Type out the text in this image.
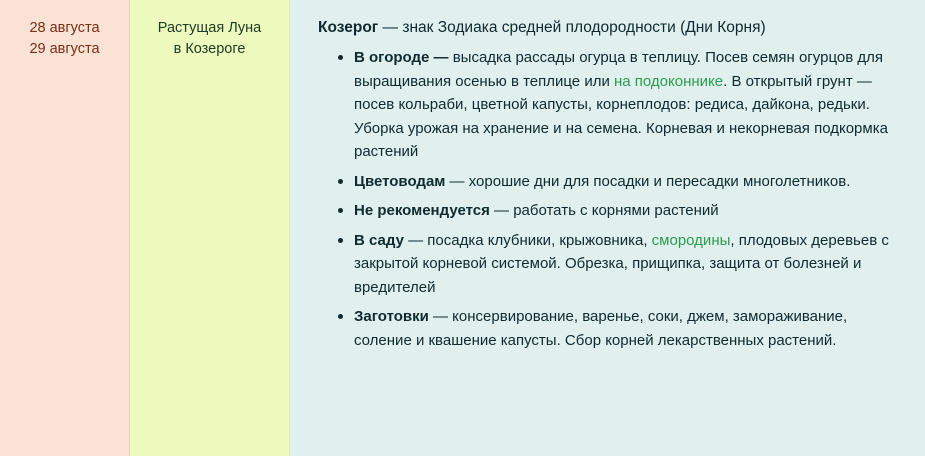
28 августа
29 августа
Растущая Луна
в Козероге

Козерог — знак Зодиака средней плодородности (Дни Корня)

В огороде — высадка рассады огурца в теплицу. Посев семян огурцов для выращивания осенью в теплице или на подоконнике. В открытый грунт — посев кольраби, цветной капусты, корнеплодов: редиса, дайкона, редьки. Уборка урожая на хранение и на семена. Корневая и некорневая подкормка растений
Цветоводам — хорошие дни для посадки и пересадки многолетников.
Не рекомендуется — работать с корнями растений
В саду — посадка клубники, крыжовника, смородины, плодовых деревьев с закрытой корневой системой. Обрезка, прищипка, защита от болезней и вредителей
Заготовки — консервирование, варенье, соки, джем, замораживание, соление и квашение капусты. Сбор корней лекарственных растений.
